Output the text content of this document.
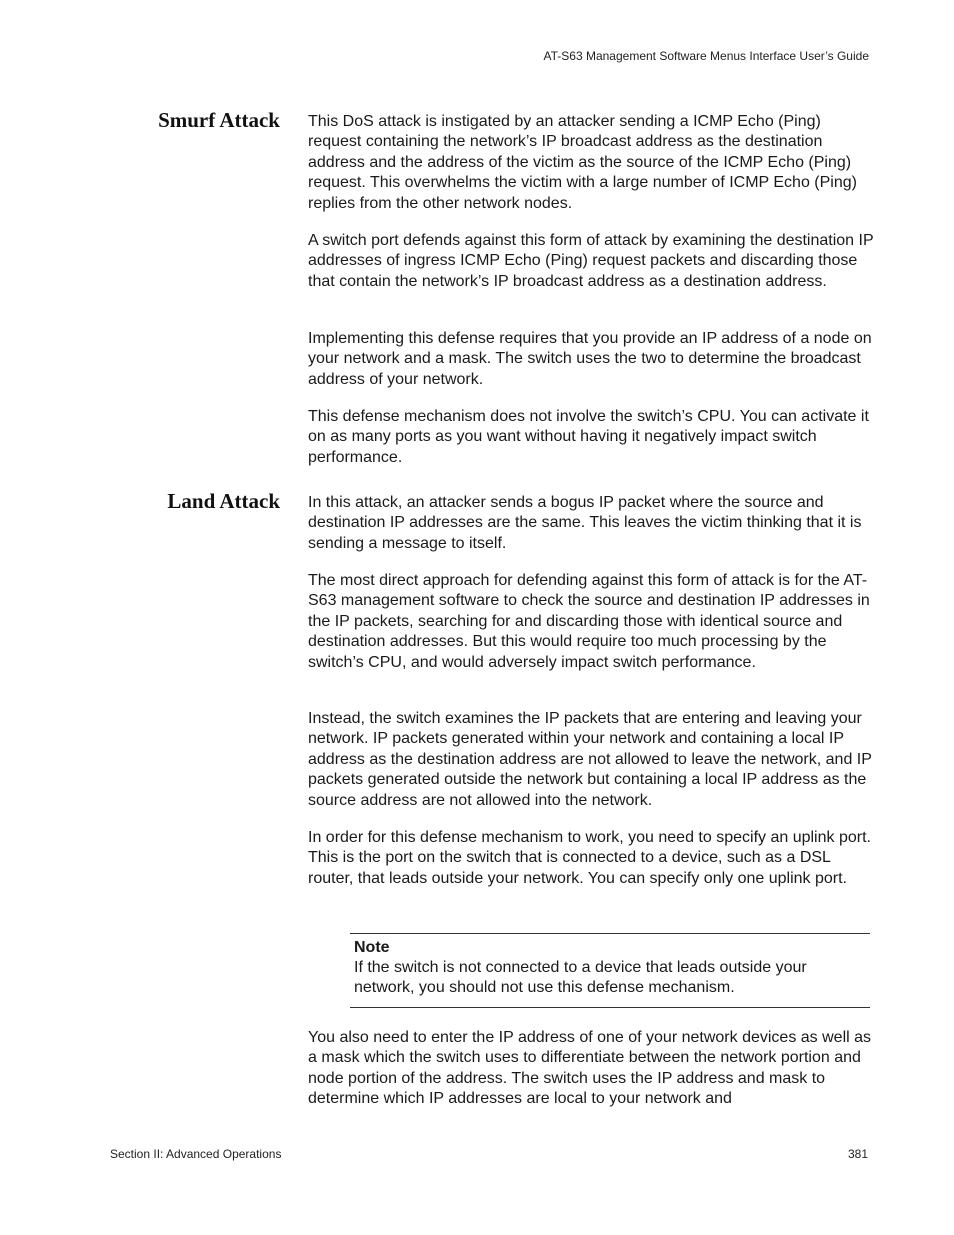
AT-S63 Management Software Menus Interface User’s Guide
Smurf Attack This DoS attack is instigated by an attacker sending a ICMP Echo (Ping) request containing the network’s IP broadcast address as the destination address and the address of the victim as the source of the ICMP Echo (Ping) request. This overwhelms the victim with a large number of ICMP Echo (Ping) replies from the other network nodes.

A switch port defends against this form of attack by examining the destination IP addresses of ingress ICMP Echo (Ping) request packets and discarding those that contain the network’s IP broadcast address as a destination address.

Implementing this defense requires that you provide an IP address of a node on your network and a mask. The switch uses the two to determine the broadcast address of your network.

This defense mechanism does not involve the switch’s CPU. You can activate it on as many ports as you want without having it negatively impact switch performance.

Land Attack In this attack, an attacker sends a bogus IP packet where the source and destination IP addresses are the same. This leaves the victim thinking that it is sending a message to itself.

The most direct approach for defending against this form of attack is for the AT-S63 management software to check the source and destination IP addresses in the IP packets, searching for and discarding those with identical source and destination addresses. But this would require too much processing by the switch’s CPU, and would adversely impact switch performance.

Instead, the switch examines the IP packets that are entering and leaving your network. IP packets generated within your network and containing a local IP address as the destination address are not allowed to leave the network, and IP packets generated outside the network but containing a local IP address as the source address are not allowed into the network.

In order for this defense mechanism to work, you need to specify an uplink port. This is the port on the switch that is connected to a device, such as a DSL router, that leads outside your network. You can specify only one uplink port.

Note
If the switch is not connected to a device that leads outside your network, you should not use this defense mechanism.

You also need to enter the IP address of one of your network devices as well as a mask which the switch uses to differentiate between the network portion and node portion of the address. The switch uses the IP address and mask to determine which IP addresses are local to your network and

Section II: Advanced Operations	381
